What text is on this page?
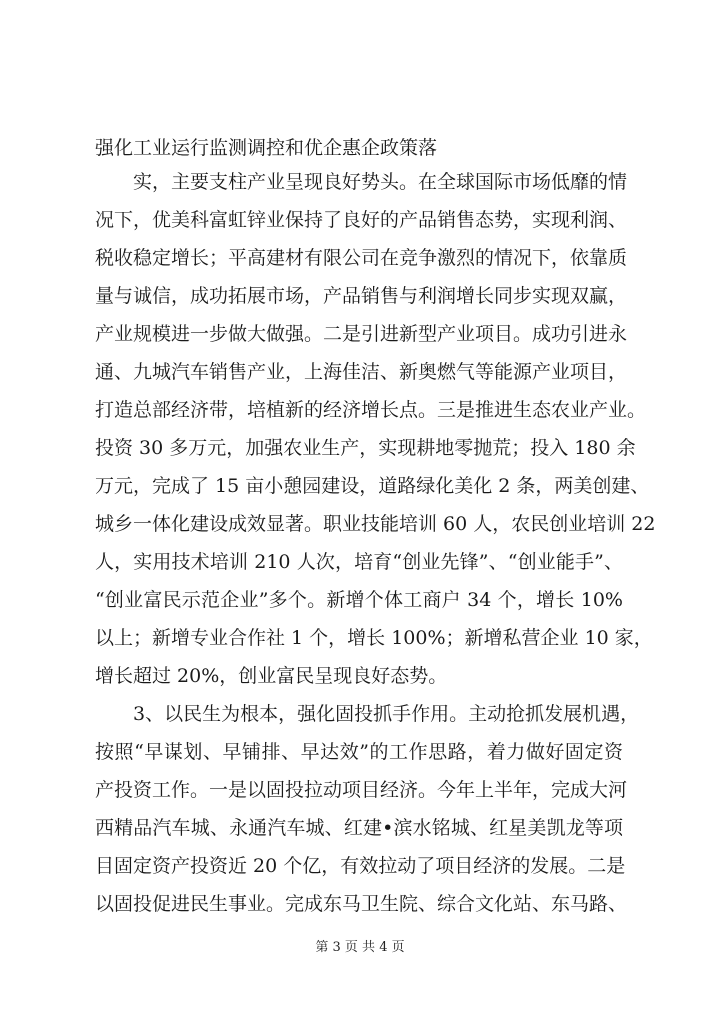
强化工业运行监测调控和优企惠企政策落
　　实，主要支柱产业呈现良好势头。在全球国际市场低靡的情
况下，优美科富虹锌业保持了良好的产品销售态势，实现利润、
税收稳定增长；平高建材有限公司在竞争激烈的情况下，依靠质
量与诚信，成功拓展市场，产品销售与利润增长同步实现双赢，
产业规模进一步做大做强。二是引进新型产业项目。成功引进永
通、九城汽车销售产业，上海佳洁、新奥燃气等能源产业项目，
打造总部经济带，培植新的经济增长点。三是推进生态农业产业。
投资 30 多万元，加强农业生产，实现耕地零抛荒；投入 180 余
万元，完成了 15 亩小憩园建设，道路绿化美化 2 条，两美创建、
城乡一体化建设成效显著。职业技能培训 60 人，农民创业培训 22
人，实用技术培训 210 人次，培育“创业先锋”、“创业能手”、
“创业富民示范企业”多个。新增个体工商户 34 个，增长 10%
以上；新增专业合作社 1 个，增长 100%；新增私营企业 10 家，
增长超过 20%，创业富民呈现良好态势。
　　3、以民生为根本，强化固投抓手作用。主动抢抓发展机遇，
按照“早谋划、早铺排、早达效”的工作思路，着力做好固定资
产投资工作。一是以固投拉动项目经济。今年上半年，完成大河
西精品汽车城、永通汽车城、红建•滨水铭城、红星美凯龙等项
目固定资产投资近 20 个亿，有效拉动了项目经济的发展。二是
以固投促进民生事业。完成东马卫生院、综合文化站、东马路、
第 3 页 共 4 页
